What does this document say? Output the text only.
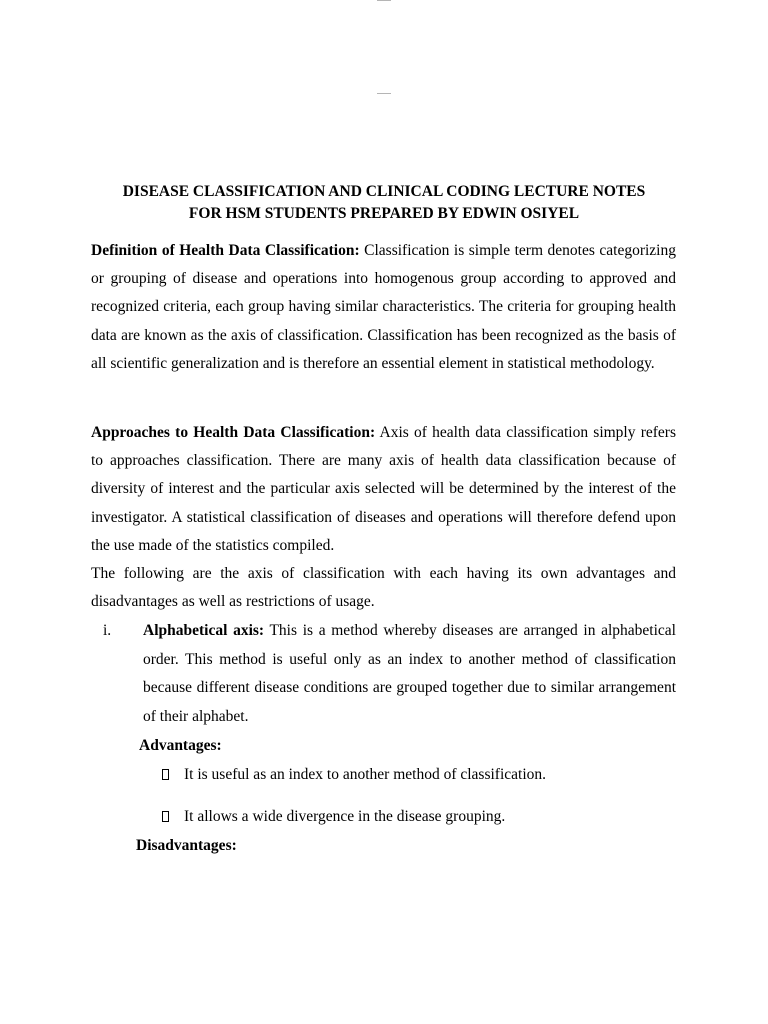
DISEASE CLASSIFICATION AND CLINICAL CODING LECTURE NOTES
FOR HSM STUDENTS PREPARED BY EDWIN OSIYEL

Definition of Health Data Classification: Classification is simple term denotes categorizing or grouping of disease and operations into homogenous group according to approved and recognized criteria, each group having similar characteristics. The criteria for grouping health data are known as the axis of classification. Classification has been recognized as the basis of all scientific generalization and is therefore an essential element in statistical methodology.

Approaches to Health Data Classification: Axis of health data classification simply refers to approaches classification. There are many axis of health data classification because of diversity of interest and the particular axis selected will be determined by the interest of the investigator. A statistical classification of diseases and operations will therefore defend upon the use made of the statistics compiled.

The following are the axis of classification with each having its own advantages and disadvantages as well as restrictions of usage.

i. Alphabetical axis: This is a method whereby diseases are arranged in alphabetical order. This method is useful only as an index to another method of classification because different disease conditions are grouped together due to similar arrangement of their alphabet.

Advantages:
It is useful as an index to another method of classification.
It allows a wide divergence in the disease grouping.
Disadvantages:
